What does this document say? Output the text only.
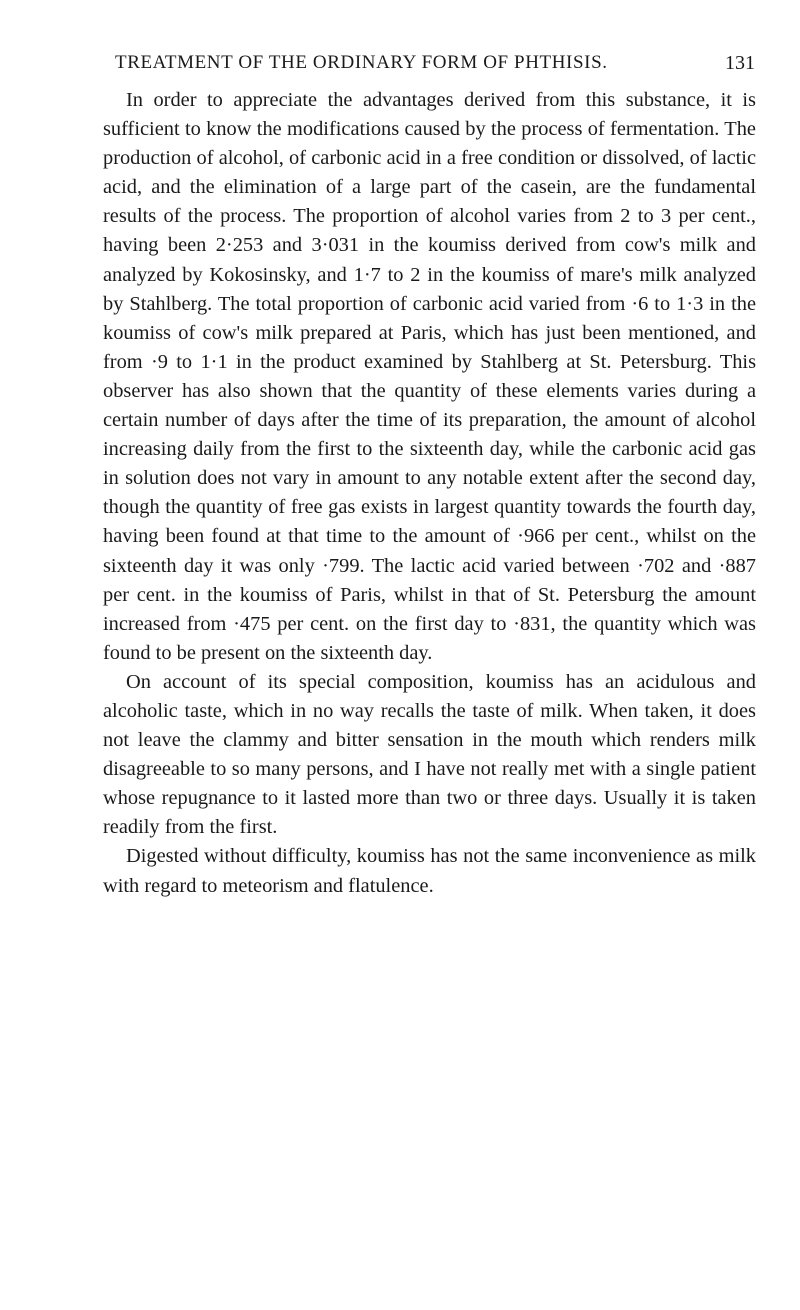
TREATMENT OF THE ORDINARY FORM OF PHTHISIS.	131

In order to appreciate the advantages derived from this substance, it is sufficient to know the modifications caused by the process of fermentation. The production of alcohol, of carbonic acid in a free condition or dissolved, of lactic acid, and the elimination of a large part of the casein, are the fundamental results of the process. The proportion of alcohol varies from 2 to 3 per cent., having been 2·253 and 3·031 in the koumiss derived from cow's milk and analyzed by Kokosinsky, and 1·7 to 2 in the koumiss of mare's milk analyzed by Stahlberg. The total proportion of carbonic acid varied from ·6 to 1·3 in the koumiss of cow's milk prepared at Paris, which has just been mentioned, and from ·9 to 1·1 in the product examined by Stahlberg at St. Petersburg. This observer has also shown that the quantity of these elements varies during a certain number of days after the time of its preparation, the amount of alcohol increasing daily from the first to the sixteenth day, while the carbonic acid gas in solution does not vary in amount to any notable extent after the second day, though the quantity of free gas exists in largest quantity towards the fourth day, having been found at that time to the amount of ·966 per cent., whilst on the sixteenth day it was only ·799. The lactic acid varied between ·702 and ·887 per cent. in the koumiss of Paris, whilst in that of St. Petersburg the amount increased from ·475 per cent. on the first day to ·831, the quantity which was found to be present on the sixteenth day.

On account of its special composition, koumiss has an acidulous and alcoholic taste, which in no way recalls the taste of milk. When taken, it does not leave the clammy and bitter sensation in the mouth which renders milk disagreeable to so many persons, and I have not really met with a single patient whose repugnance to it lasted more than two or three days. Usually it is taken readily from the first.

Digested without difficulty, koumiss has not the same inconvenience as milk with regard to meteorism and flatulence.
